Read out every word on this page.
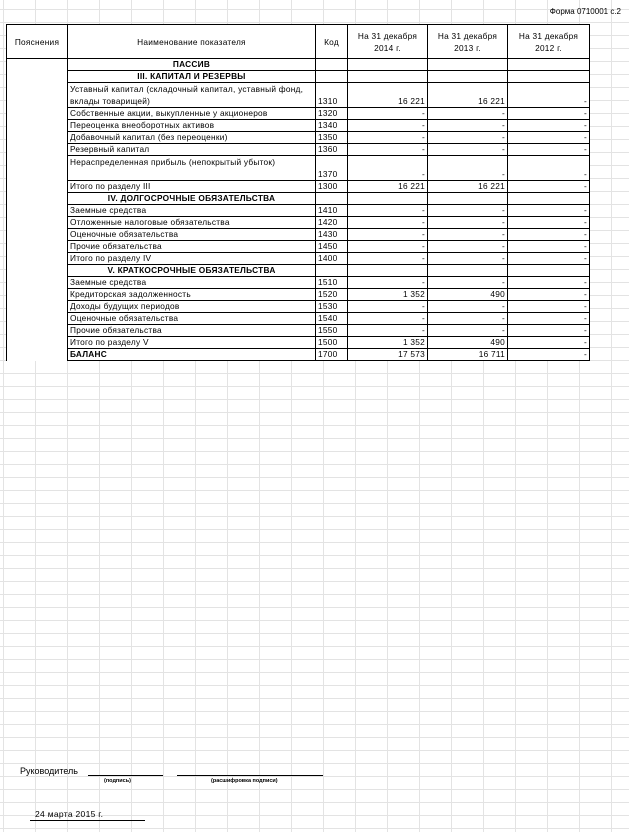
Форма 0710001 с.2
Пояснения	Наименование показателя	Код	На 31 декабря 2014 г.	На 31 декабря 2013 г.	На 31 декабря 2012 г.
	ПАССИВ				
	III. КАПИТАЛ И РЕЗЕРВЫ				
	Уставный капитал (складочный капитал, уставный фонд, вклады товарищей)	1310	16 221	16 221	-
	Собственные акции, выкупленные у акционеров	1320	-	-	-
	Переоценка внеоборотных активов	1340	-	-	-
	Добавочный капитал (без переоценки)	1350	-	-	-
	Резервный капитал	1360	-	-	-
	Нераспределенная прибыль (непокрытый убыток)	1370	-	-	-
	Итого по разделу III	1300	16 221	16 221	-
	IV. ДОЛГОСРОЧНЫЕ ОБЯЗАТЕЛЬСТВА				
	Заемные средства	1410	-	-	-
	Отложенные налоговые обязательства	1420	-	-	-
	Оценочные обязательства	1430	-	-	-
	Прочие обязательства	1450	-	-	-
	Итого по разделу IV	1400	-	-	-
	V. КРАТКОСРОЧНЫЕ ОБЯЗАТЕЛЬСТВА				
	Заемные средства	1510	-	-	-
	Кредиторская задолженность	1520	1 352	490	-
	Доходы будущих периодов	1530	-	-	-
	Оценочные обязательства	1540	-	-	-
	Прочие обязательства	1550	-	-	-
	Итого по разделу V	1500	1 352	490	-
	БАЛАНС	1700	17 573	16 711	-
Руководитель
(подпись)	(расшифровка подписи)
24 марта 2015 г.
